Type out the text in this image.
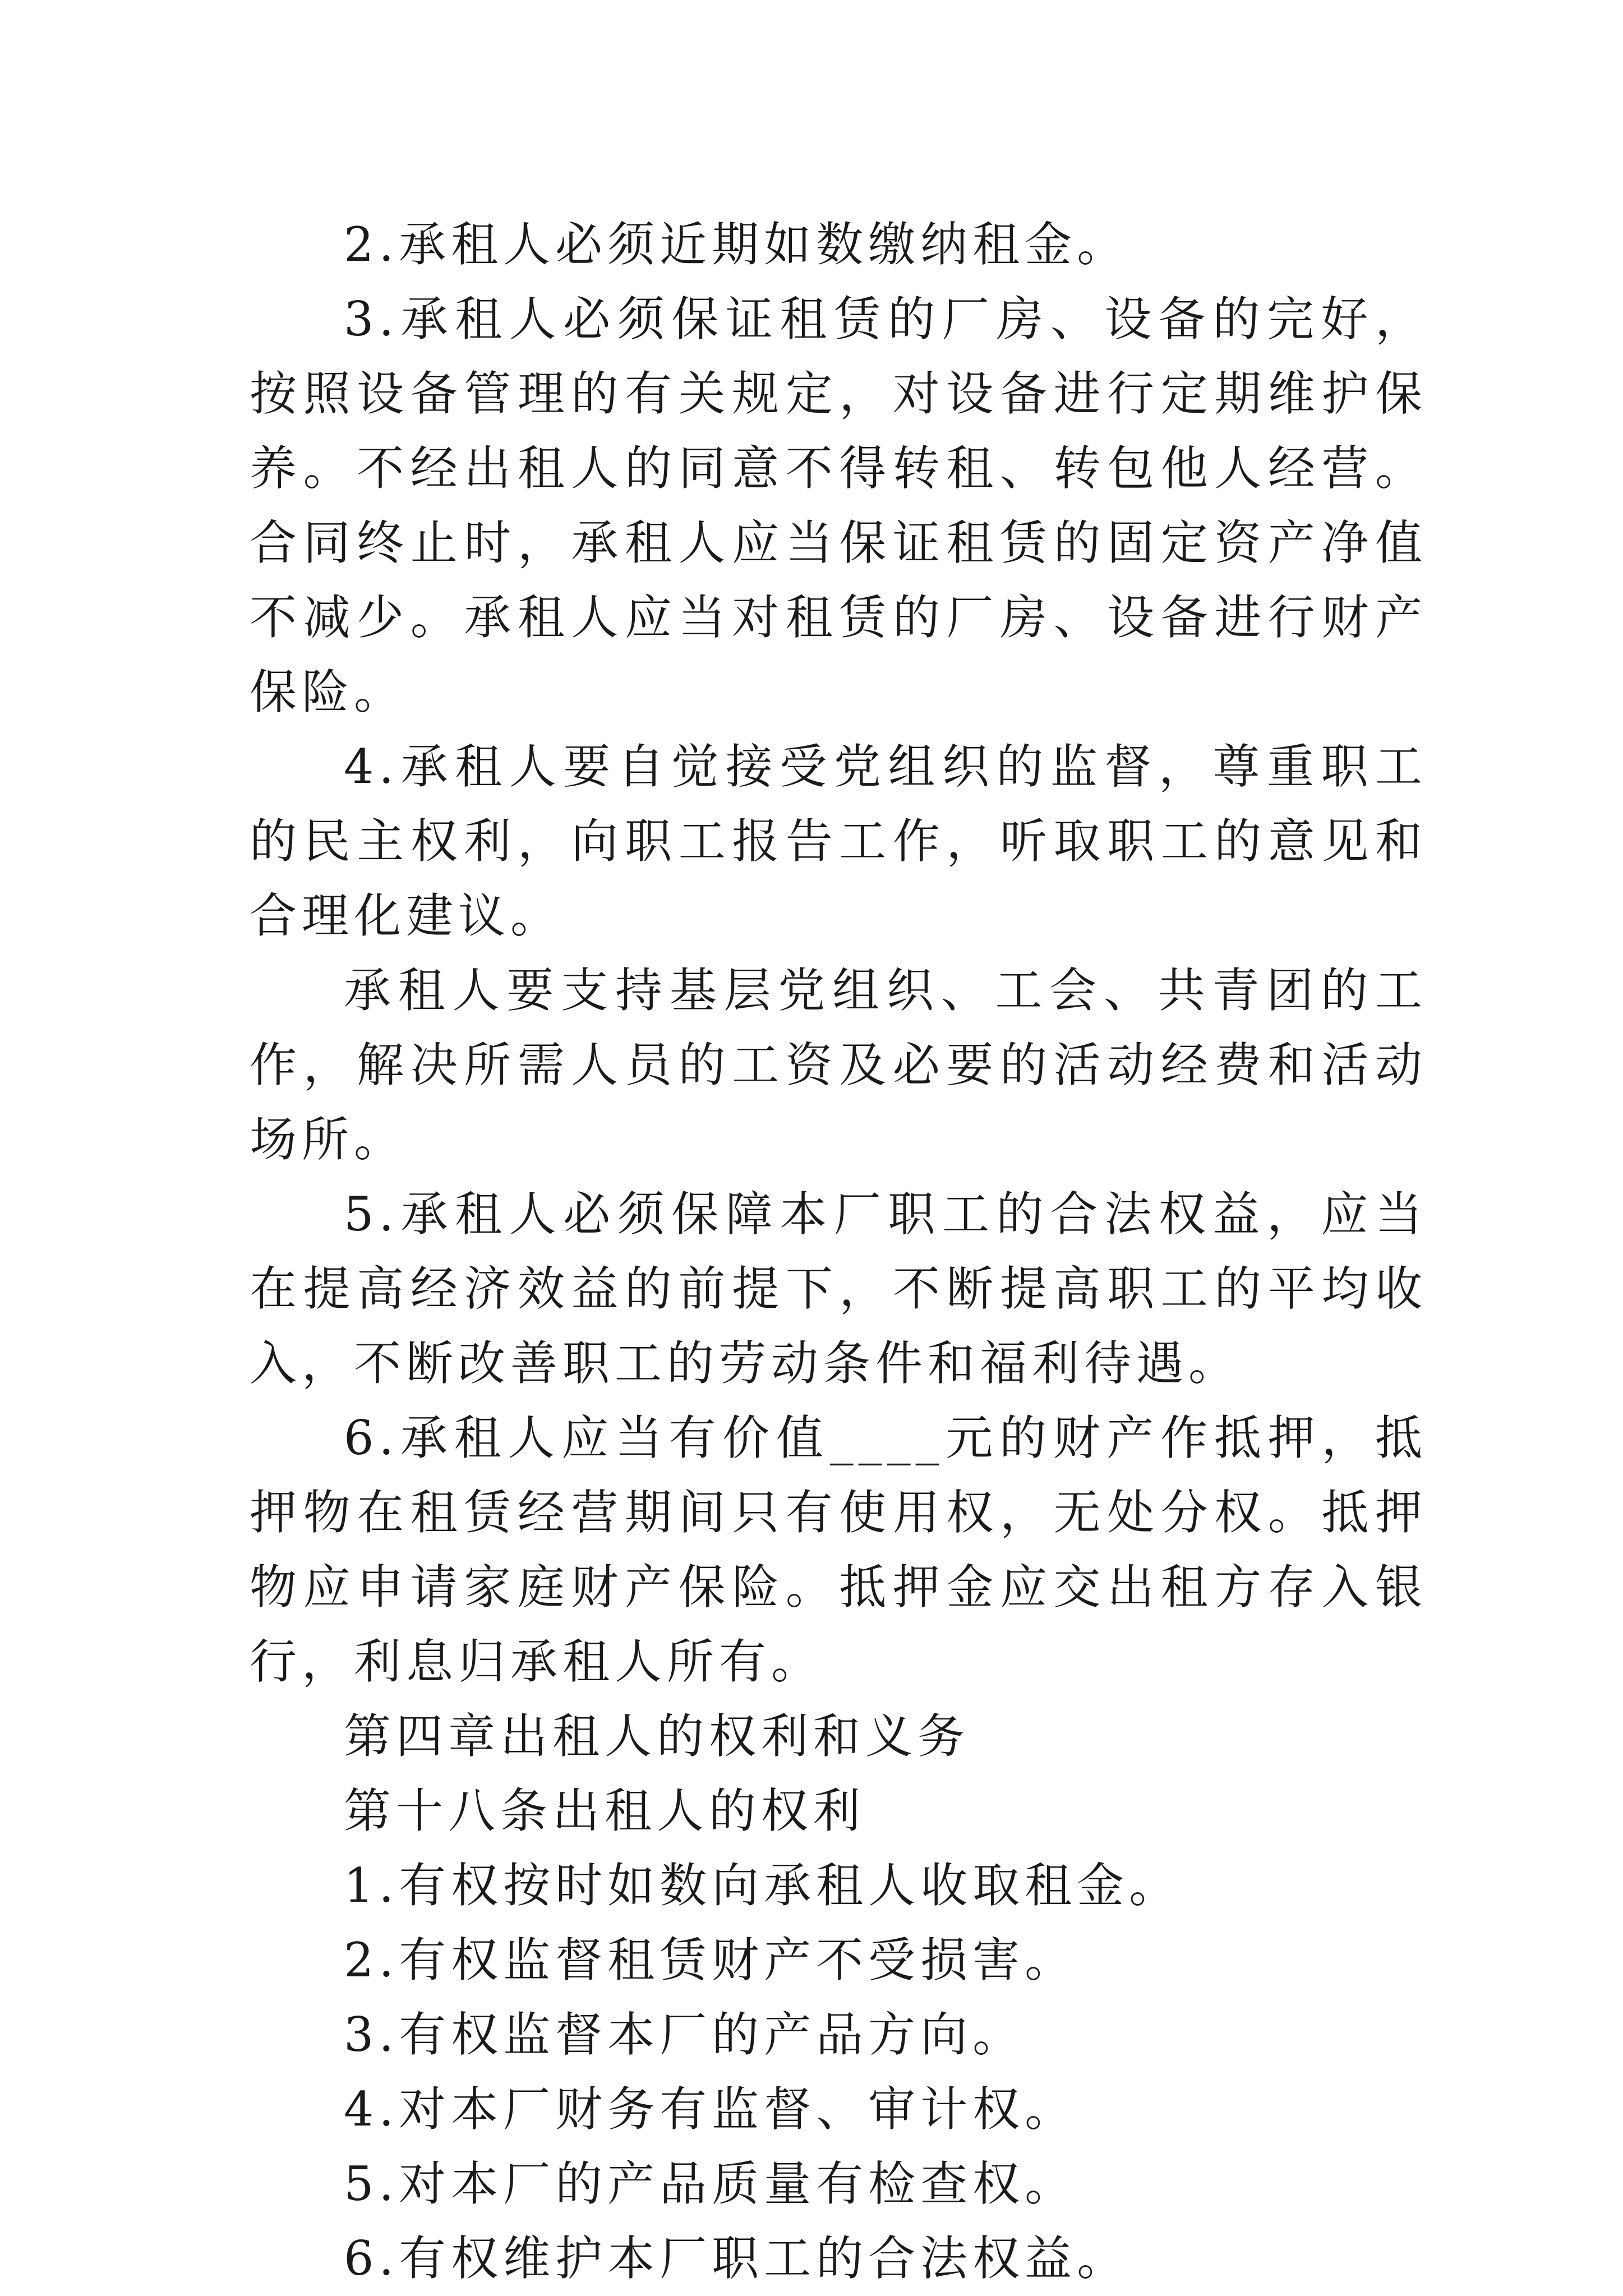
2.承租人必须近期如数缴纳租金。

3.承租人必须保证租赁的厂房、设备的完好，按照设备管理的有关规定，对设备进行定期维护保养。不经出租人的同意不得转租、转包他人经营。合同终止时，承租人应当保证租赁的固定资产净值不减少。承租人应当对租赁的厂房、设备进行财产保险。

4.承租人要自觉接受党组织的监督，尊重职工的民主权利，向职工报告工作，听取职工的意见和合理化建议。

承租人要支持基层党组织、工会、共青团的工作，解决所需人员的工资及必要的活动经费和活动场所。

5.承租人必须保障本厂职工的合法权益，应当在提高经济效益的前提下，不断提高职工的平均收入，不断改善职工的劳动条件和福利待遇。

6.承租人应当有价值____元的财产作抵押，抵押物在租赁经营期间只有使用权，无处分权。抵押物应申请家庭财产保险。抵押金应交出租方存入银行，利息归承租人所有。

第四章出租人的权利和义务

第十八条出租人的权利

1.有权按时如数向承租人收取租金。

2.有权监督租赁财产不受损害。

3.有权监督本厂的产品方向。

4.对本厂财务有监督、审计权。

5.对本厂的产品质量有检查权。

6.有权维护本厂职工的合法权益。
